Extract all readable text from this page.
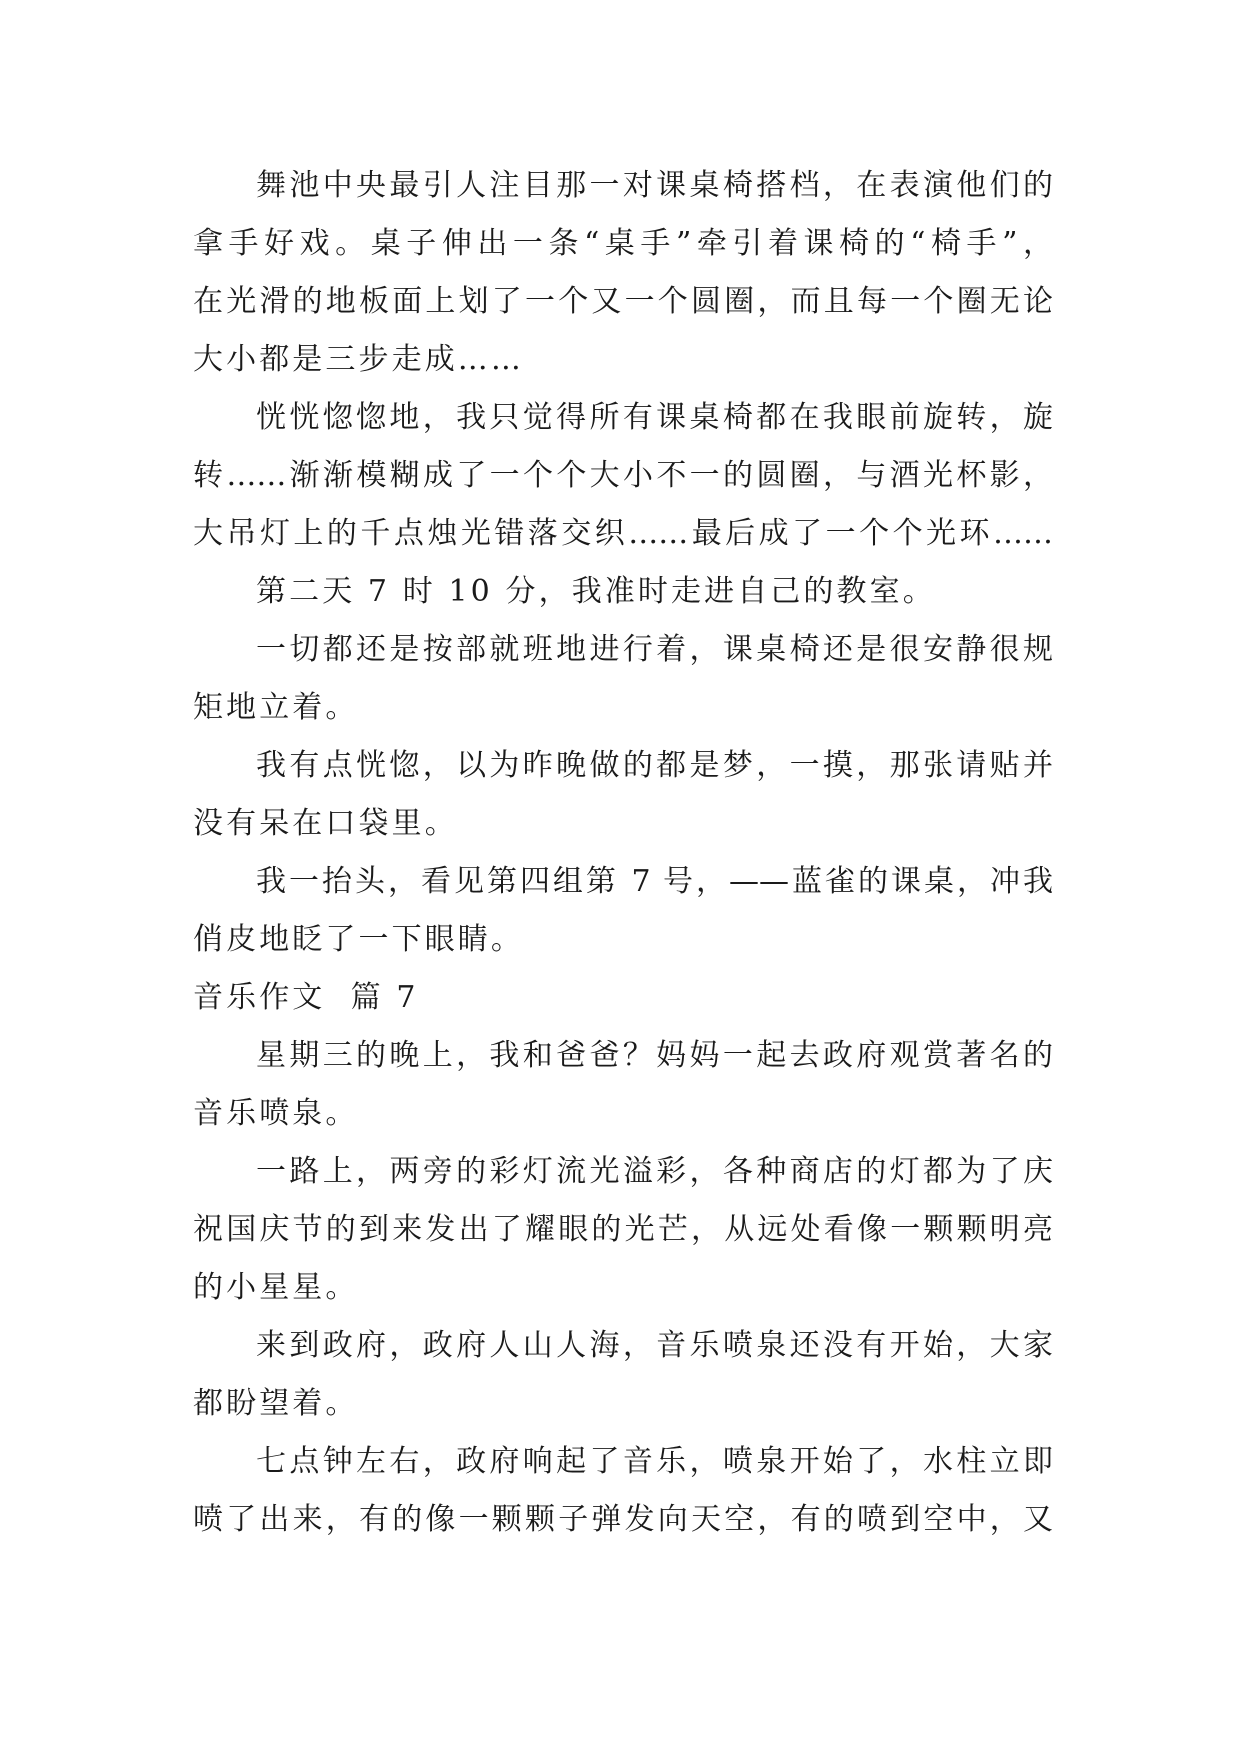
舞池中央最引人注目那一对课桌椅搭档，在表演他们的
拿手好戏。桌子伸出一条“桌手”牵引着课椅的“椅手”，
在光滑的地板面上划了一个又一个圆圈，而且每一个圈无论
大小都是三步走成……
恍恍惚惚地，我只觉得所有课桌椅都在我眼前旋转，旋
转……渐渐模糊成了一个个大小不一的圆圈，与酒光杯影，
大吊灯上的千点烛光错落交织……最后成了一个个光环……
第二天 7 时 10 分，我准时走进自己的教室。
一切都还是按部就班地进行着，课桌椅还是很安静很规
矩地立着。
我有点恍惚，以为昨晚做的都是梦，一摸，那张请贴并
没有呆在口袋里。
我一抬头，看见第四组第 7 号，——蓝雀的课桌，冲我
俏皮地眨了一下眼睛。
音乐作文  篇 7
星期三的晚上，我和爸爸？妈妈一起去政府观赏著名的
音乐喷泉。
一路上，两旁的彩灯流光溢彩，各种商店的灯都为了庆
祝国庆节的到来发出了耀眼的光芒，从远处看像一颗颗明亮
的小星星。
来到政府，政府人山人海，音乐喷泉还没有开始，大家
都盼望着。
七点钟左右，政府响起了音乐，喷泉开始了，水柱立即
喷了出来，有的像一颗颗子弹发向天空，有的喷到空中，又
